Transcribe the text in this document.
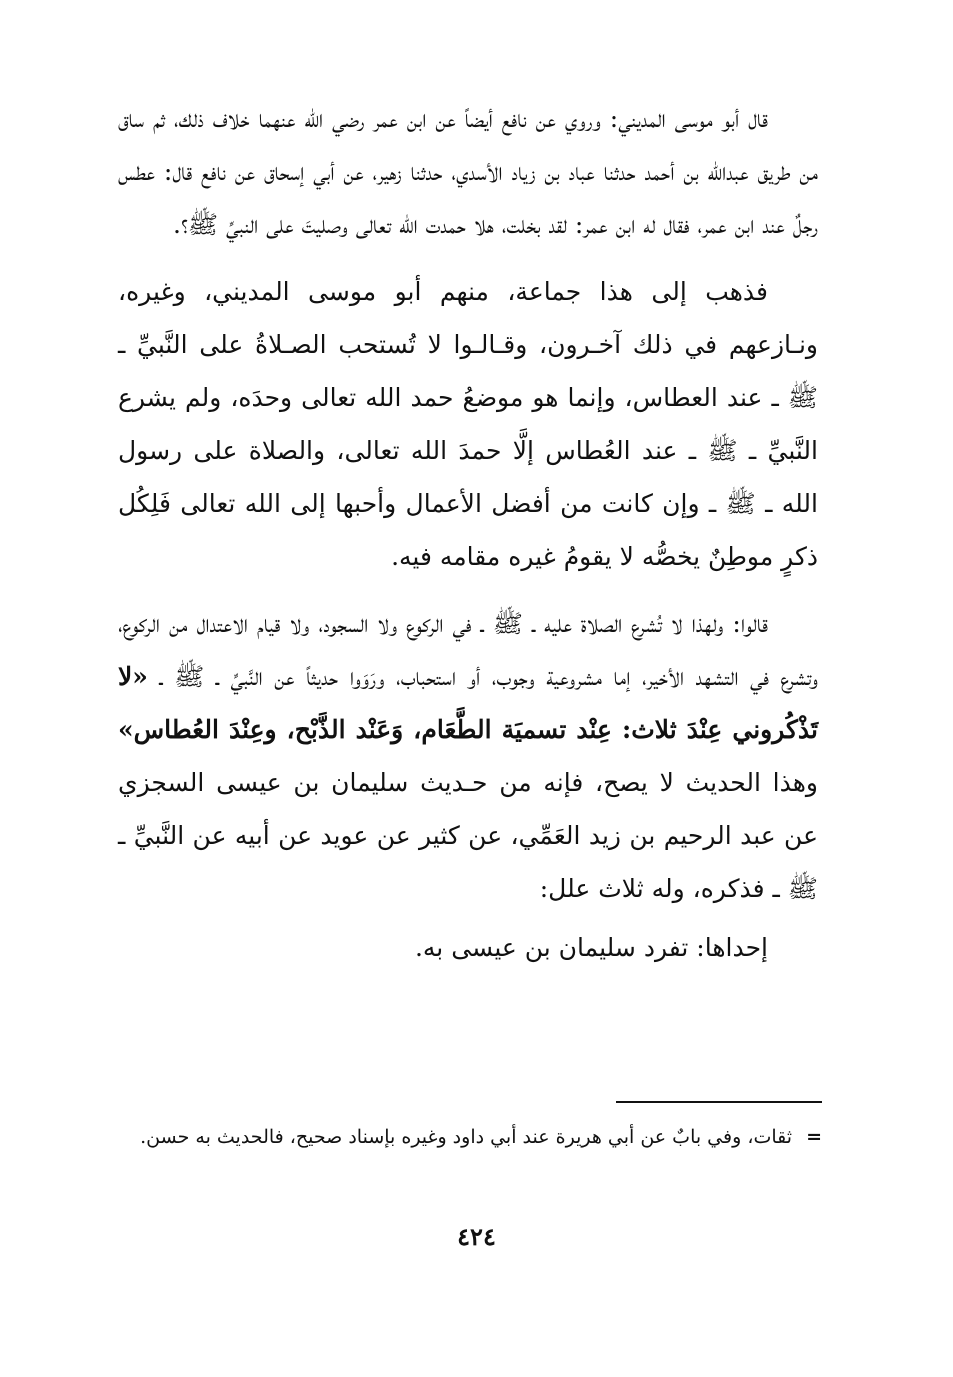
قال أبو موسى المديني: وروي عن نافع أيضاً عن ابن عمر رضي الله عنهما خلاف ذلك، ثم ساق من طريق عبدالله بن أحمد حدثنا عباد بن زياد الأسدي، حدثنا زهير، عن أبي إسحاق عن نافع قال: عطس رجلٌ عند ابن عمر، فقال له ابن عمر: لقد بخلت، هلا حمدت الله تعالى وصليتَ على النبيِّ ﷺ؟.

فذهب إلى هذا جماعة، منهم أبو موسى المديني، وغيره، ونـازعهم في ذلك آخـرون، وقـالـوا لا تُستحب الصـلاةُ على النَّبيِّ ـ ﷺ ـ عند العطاس، وإنما هو موضعُ حمد الله تعالى وحدَه، ولم يشرع النَّبيِّ ـ ﷺ ـ عند العُطاس إلَّا حمدَ الله تعالى، والصلاة على رسول الله ـ ﷺ ـ وإن كانت من أفضل الأعمال وأحبها إلى الله تعالى فَلِكُل ذكرٍ موطِنٌ يخصُّه لا يقومُ غيره مقامه فيه.

قالوا: ولهذا لا تُشرع الصلاة عليه ـ ﷺ ـ في الركوع ولا السجود، ولا قيام الاعتدال من الركوع، وتشرع في التشهد الأخير، إما مشروعية وجوب، أو استحباب، ورَوَوا حديثاً عن النَّبيِّ ـ ﷺ ـ «لا تَذْكُروني عِنْدَ ثلاث: عِنْد تسميَة الطَّعَام، وَعَنْد الذَّبْح، وعِنْدَ العُطاس» وهذا الحديث لا يصح، فإنه من حـديث سليمان بن عيسى السجزي عن عبد الرحيم بن زيد العَمِّي، عن كثير عن عويد عن أبيه عن النَّبيِّ ـ ﷺ ـ فذكره، وله ثلاث علل:

إحداها: تفرد سليمان بن عيسى به.

= ثقات، وفي بابٌ عن أبي هريرة عند أبي داود وغيره بإسناد صحيح، فالحديث به حسن.
٤٢٤
